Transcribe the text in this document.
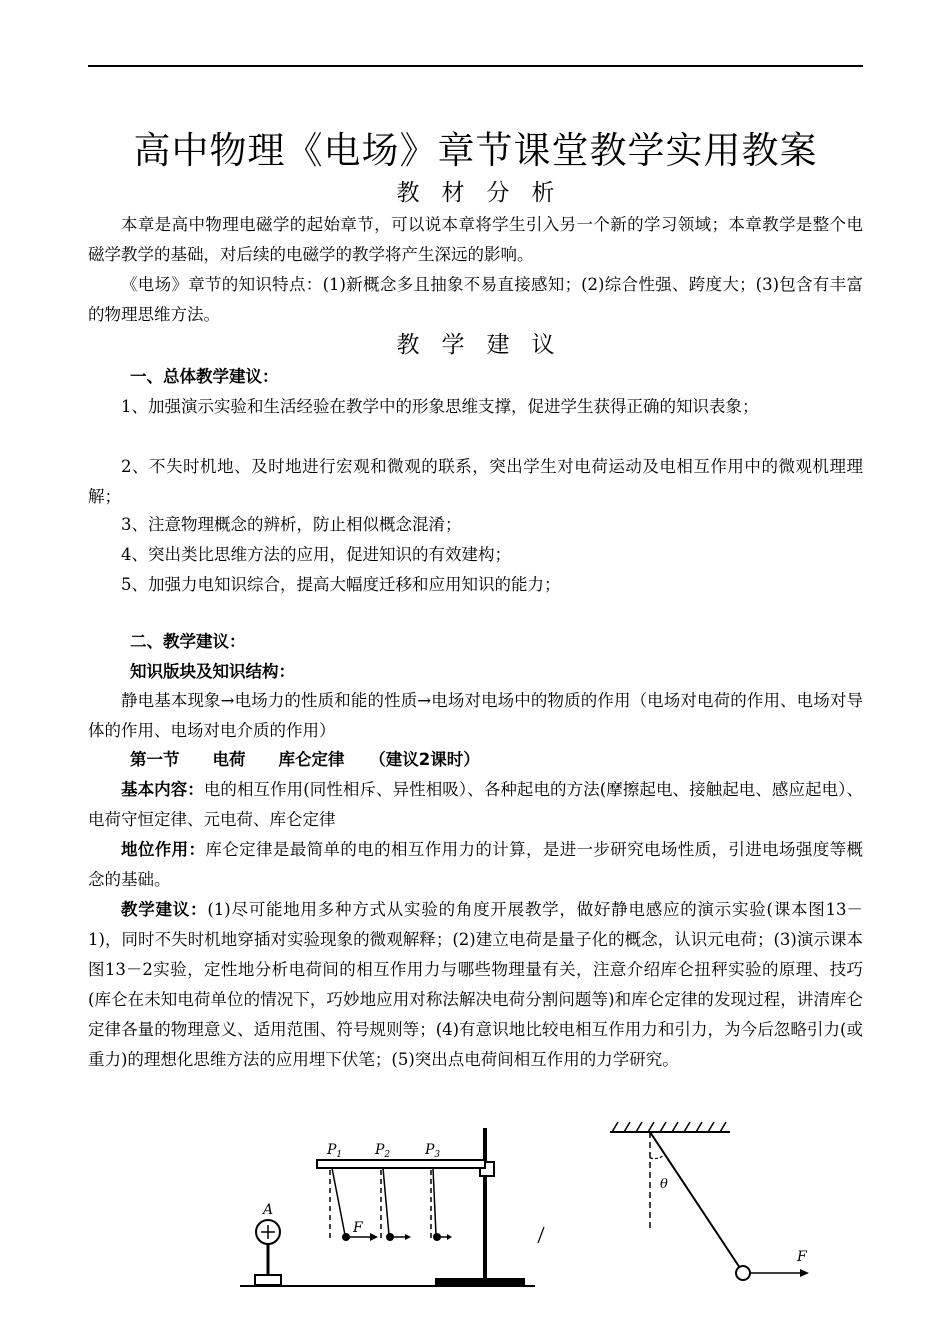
高中物理《电场》章节课堂教学实用教案
教材分析

本章是高中物理电磁学的起始章节，可以说本章将学生引入另一个新的学习领域；本章教学是整个电磁学教学的基础，对后续的电磁学的教学将产生深远的影响。

《电场》章节的知识特点：(1)新概念多且抽象不易直接感知；(2)综合性强、跨度大；(3)包含有丰富的物理思维方法。

教学建议
一、总体教学建议：

1、加强演示实验和生活经验在教学中的形象思维支撑，促进学生获得正确的知识表象；

2、不失时机地、及时地进行宏观和微观的联系，突出学生对电荷运动及电相互作用中的微观机理理解；

3、注意物理概念的辨析，防止相似概念混淆；

4、突出类比思维方法的应用，促进知识的有效建构；

5、加强力电知识综合，提高大幅度迁移和应用知识的能力；

二、教学建议：
知识版块及知识结构：

静电基本现象→电场力的性质和能的性质→电场对电场中的物质的作用（电场对电荷的作用、电场对导体的作用、电场对电介质的作用）

第一节　　电荷　　库仑定律　　（建议2课时）

基本内容：电的相互作用(同性相斥、异性相吸）、各种起电的方法(摩擦起电、接触起电、感应起电）、电荷守恒定律、元电荷、库仑定律

地位作用：库仑定律是最简单的电的相互作用力的计算，是进一步研究电场性质，引进电场强度等概念的基础。

教学建议：(1)尽可能地用多种方式从实验的角度开展教学，做好静电感应的演示实验(课本图13－1)，同时不失时机地穿插对实验现象的微观解释；(2)建立电荷是量子化的概念，认识元电荷；(3)演示课本图13－2实验，定性地分析电荷间的相互作用力与哪些物理量有关，注意介绍库仑扭秤实验的原理、技巧(库仑在未知电荷单位的情况下，巧妙地应用对称法解决电荷分割问题等)和库仑定律的发现过程，讲清库仑定律各量的物理意义、适用范围、符号规则等；(4)有意识地比较电相互作用力和引力，为今后忽略引力(或重力)的理想化思维方法的应用埋下伏笔；(5)突出点电荷间相互作用的力学研究。

A
$P_1$ $P_2$ $P_3$
F
θ
F
